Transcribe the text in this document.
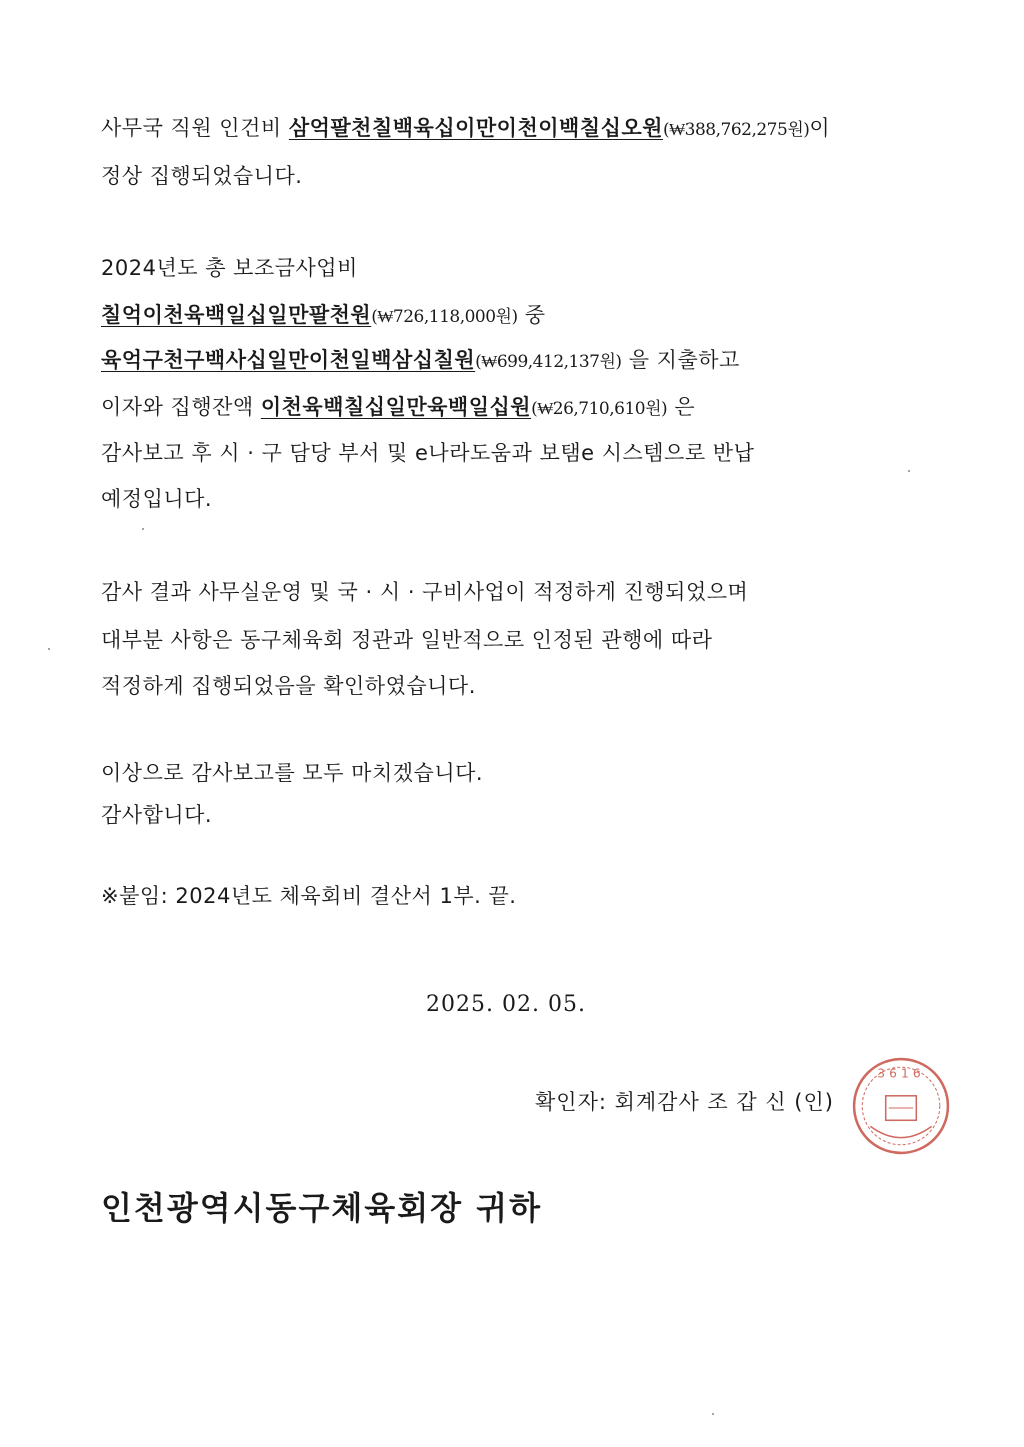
사무국 직원 인건비 삼억팔천칠백육십이만이천이백칠십오원(₩388,762,275원)이
정상 집행되었습니다.
2024년도 총 보조금사업비
칠억이천육백일십일만팔천원(₩726,118,000원) 중
육억구천구백사십일만이천일백삼십칠원(₩699,412,137원) 을 지출하고
이자와 집행잔액 이천육백칠십일만육백일십원(₩26,710,610원) 은
감사보고 후 시 · 구 담당 부서 및 e나라도움과 보탬e 시스템으로 반납
예정입니다.
감사 결과 사무실운영 및 국 · 시 · 구비사업이 적정하게 진행되었으며
대부분 사항은 동구체육회 정관과 일반적으로 인정된 관행에 따라
적정하게 집행되었음을 확인하였습니다.
이상으로 감사보고를 모두 마치겠습니다.
감사합니다.
※붙임: 2024년도 체육회비 결산서 1부. 끝.
2025. 02. 05.
확인자: 회계감사 조 갑 신 (인)
3616
인천광역시동구체육회장 귀하
